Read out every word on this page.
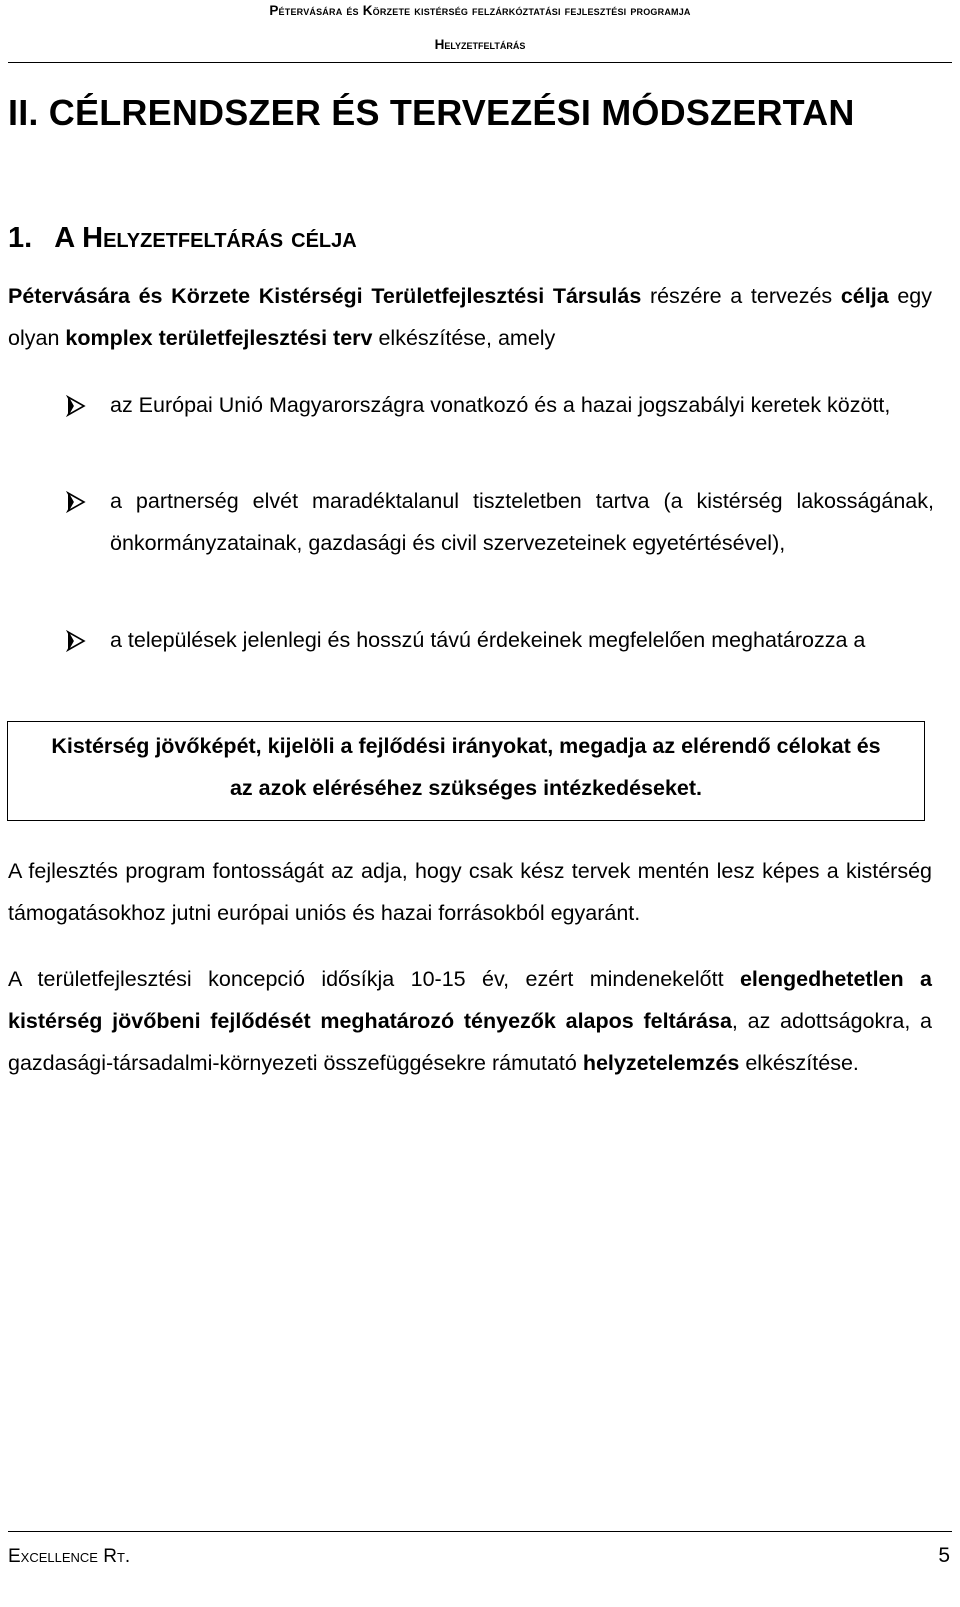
Pétervására és Körzete kistérség felzárkóztatási fejlesztési programja
Helyzetfeltárás
II. CÉLRENDSZER ÉS TERVEZÉSI MÓDSZERTAN
1. A Helyzetfeltárás célja

Pétervására és Körzete Kistérségi Területfejlesztési Társulás részére a tervezés célja egy olyan komplex területfejlesztési terv elkészítése, amely

az Európai Unió Magyarországra vonatkozó és a hazai jogszabályi keretek között,

a partnerség elvét maradéktalanul tiszteletben tartva (a kistérség lakosságának, önkormányzatainak, gazdasági és civil szervezeteinek egyetértésével),

a települések jelenlegi és hosszú távú érdekeinek megfelelően meghatározza a

Kistérség jövőképét, kijelöli a fejlődési irányokat, megadja az elérendő célokat és az azok eléréséhez szükséges intézkedéseket.

A fejlesztés program fontosságát az adja, hogy csak kész tervek mentén lesz képes a kistérség támogatásokhoz jutni európai uniós és hazai forrásokból egyaránt.

A területfejlesztési koncepció idősíkja 10-15 év, ezért mindenekelőtt elengedhetetlen a kistérség jövőbeni fejlődését meghatározó tényezők alapos feltárása, az adottságokra, a gazdasági-társadalmi-környezeti összefüggésekre rámutató helyzetelemzés elkészítése.

Excellence Rt.	5
